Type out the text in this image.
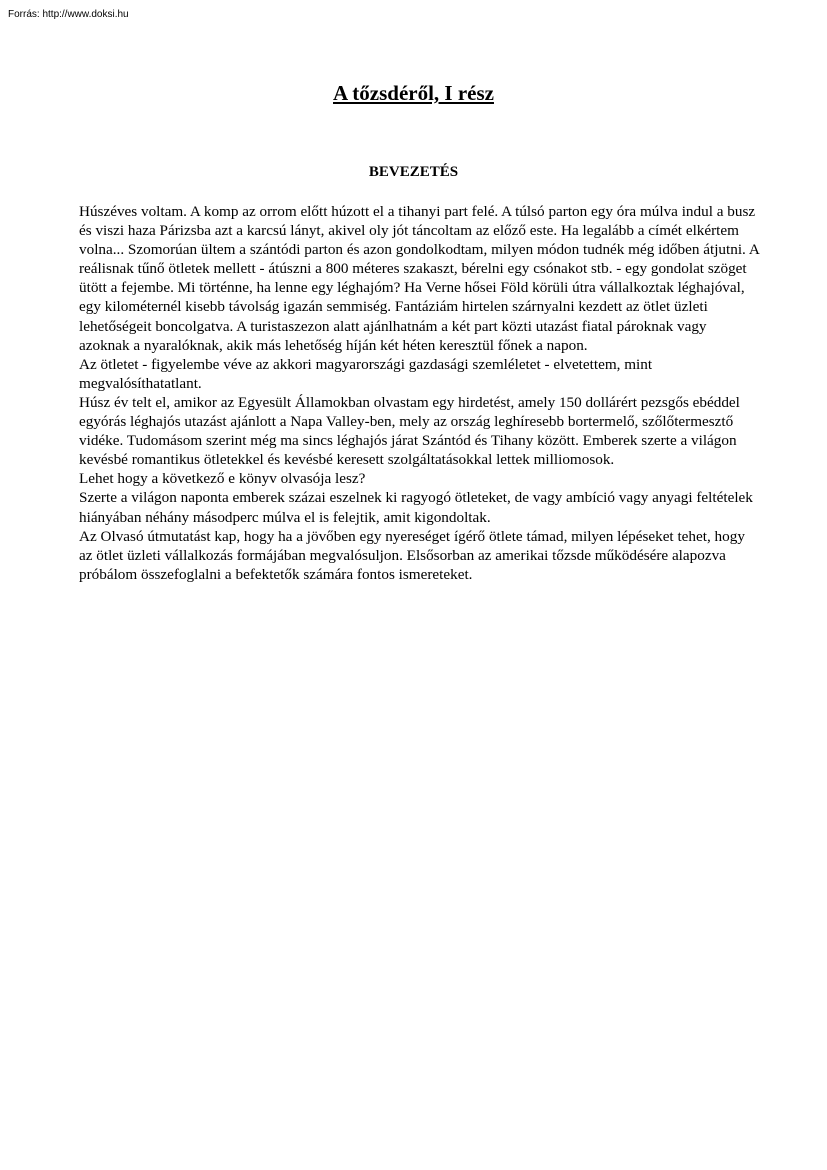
Forrás: http://www.doksi.hu
A tőzsdéről, I rész
BEVEZETÉS

Húszéves voltam. A komp az orrom előtt húzott el a tihanyi part felé. A túlsó parton egy óra múlva indul a busz és viszi haza Párizsba azt a karcsú lányt, akivel oly jót táncoltam az előző este. Ha legalább a címét elkértem volna... Szomorúan ültem a szántódi parton és azon gondolkodtam, milyen módon tudnék még időben átjutni. A reálisnak tűnő ötletek mellett - átúszni a 800 méteres szakaszt, bérelni egy csónakot stb. - egy gondolat szöget ütött a fejembe. Mi történne, ha lenne egy léghajóm? Ha Verne hősei Föld körüli útra vállalkoztak léghajóval, egy kilométernél kisebb távolság igazán semmiség. Fantáziám hirtelen szárnyalni kezdett az ötlet üzleti lehetőségeit boncolgatva. A turistaszezon alatt ajánlhatnám a két part közti utazást fiatal pároknak vagy azoknak a nyaralóknak, akik más lehetőség híján két héten keresztül főnek a napon.

Az ötletet - figyelembe véve az akkori magyarországi gazdasági szemléletet - elvetettem, mint megvalósíthatatlant.

Húsz év telt el, amikor az Egyesült Államokban olvastam egy hirdetést, amely 150 dollárért pezsgős ebéddel egyórás léghajós utazást ajánlott a Napa Valley-ben, mely az ország leghíresebb bortermelő, szőlőtermesztő vidéke. Tudomásom szerint még ma sincs léghajós járat Szántód és Tihany között. Emberek szerte a világon kevésbé romantikus ötletekkel és kevésbé keresett szolgáltatásokkal lettek milliomosok.

Lehet hogy a következő e könyv olvasója lesz?

Szerte a világon naponta emberek százai eszelnek ki ragyogó ötleteket, de vagy ambíció vagy anyagi feltételek hiányában néhány másodperc múlva el is felejtik, amit kigondoltak.

Az Olvasó útmutatást kap, hogy ha a jövőben egy nyereséget ígérő ötlete támad, milyen lépéseket tehet, hogy az ötlet üzleti vállalkozás formájában megvalósuljon. Elsősorban az amerikai tőzsde működésére alapozva próbálom összefoglalni a befektetők számára fontos ismereteket.
